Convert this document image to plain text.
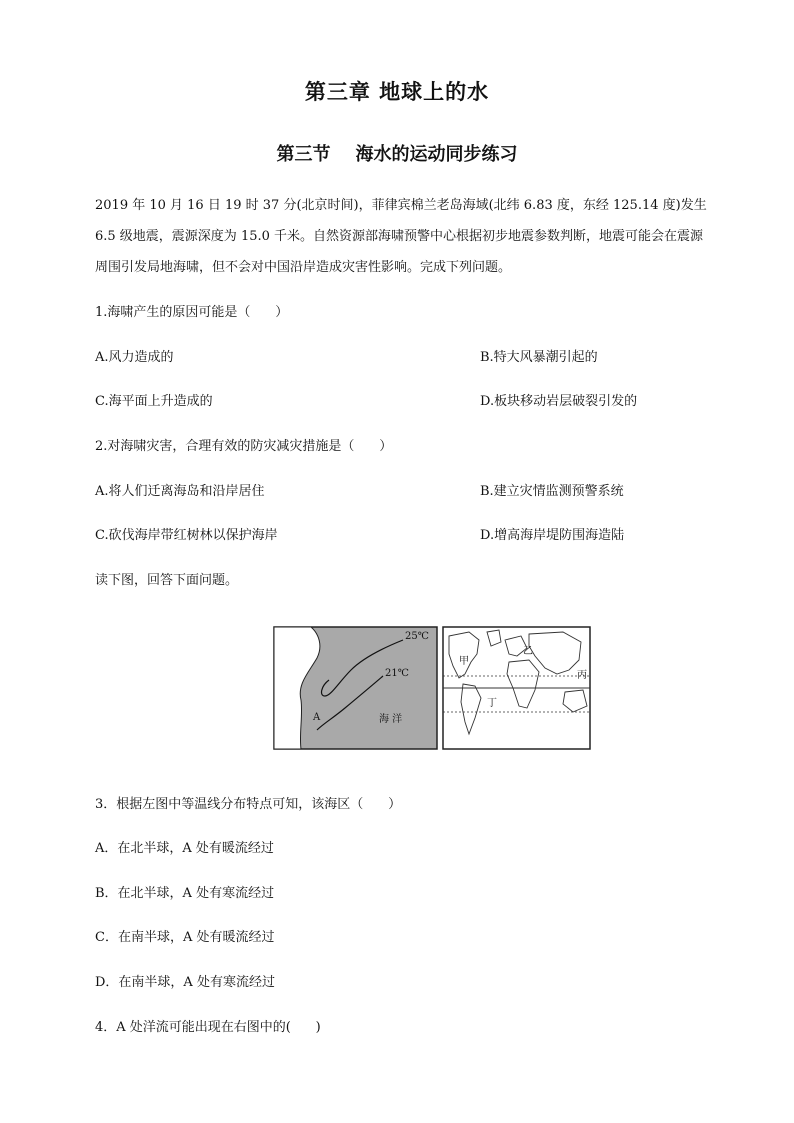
第三章 地球上的水
第三节    海水的运动同步练习
2019 年 10 月 16 日 19 时 37 分(北京时间)，菲律宾棉兰老岛海域(北纬 6.83 度，东经 125.14 度)发生 6.5 级地震，震源深度为 15.0 千米。自然资源部海啸预警中心根据初步地震参数判断，地震可能会在震源周围引发局地海啸，但不会对中国沿岸造成灾害性影响。完成下列问题。
1.海啸产生的原因可能是（      ）
A.风力造成的	B.特大风暴潮引起的
C.海平面上升造成的	D.板块移动岩层破裂引发的
2.对海啸灾害，合理有效的防灾减灾措施是（      ）
A.将人们迁离海岛和沿岸居住	B.建立灾情监测预警系统
C.砍伐海岸带红树林以保护海岸	D.增高海岸堤防围海造陆
读下图，回答下面问题。
25℃
21℃
A	海 洋
甲
乙
丙
丁
3．根据左图中等温线分布特点可知，该海区（      ）
A．在北半球，A 处有暖流经过
B．在北半球，A 处有寒流经过
C．在南半球，A 处有暖流经过
D．在南半球，A 处有寒流经过
4．A 处洋流可能出现在右图中的(      )
